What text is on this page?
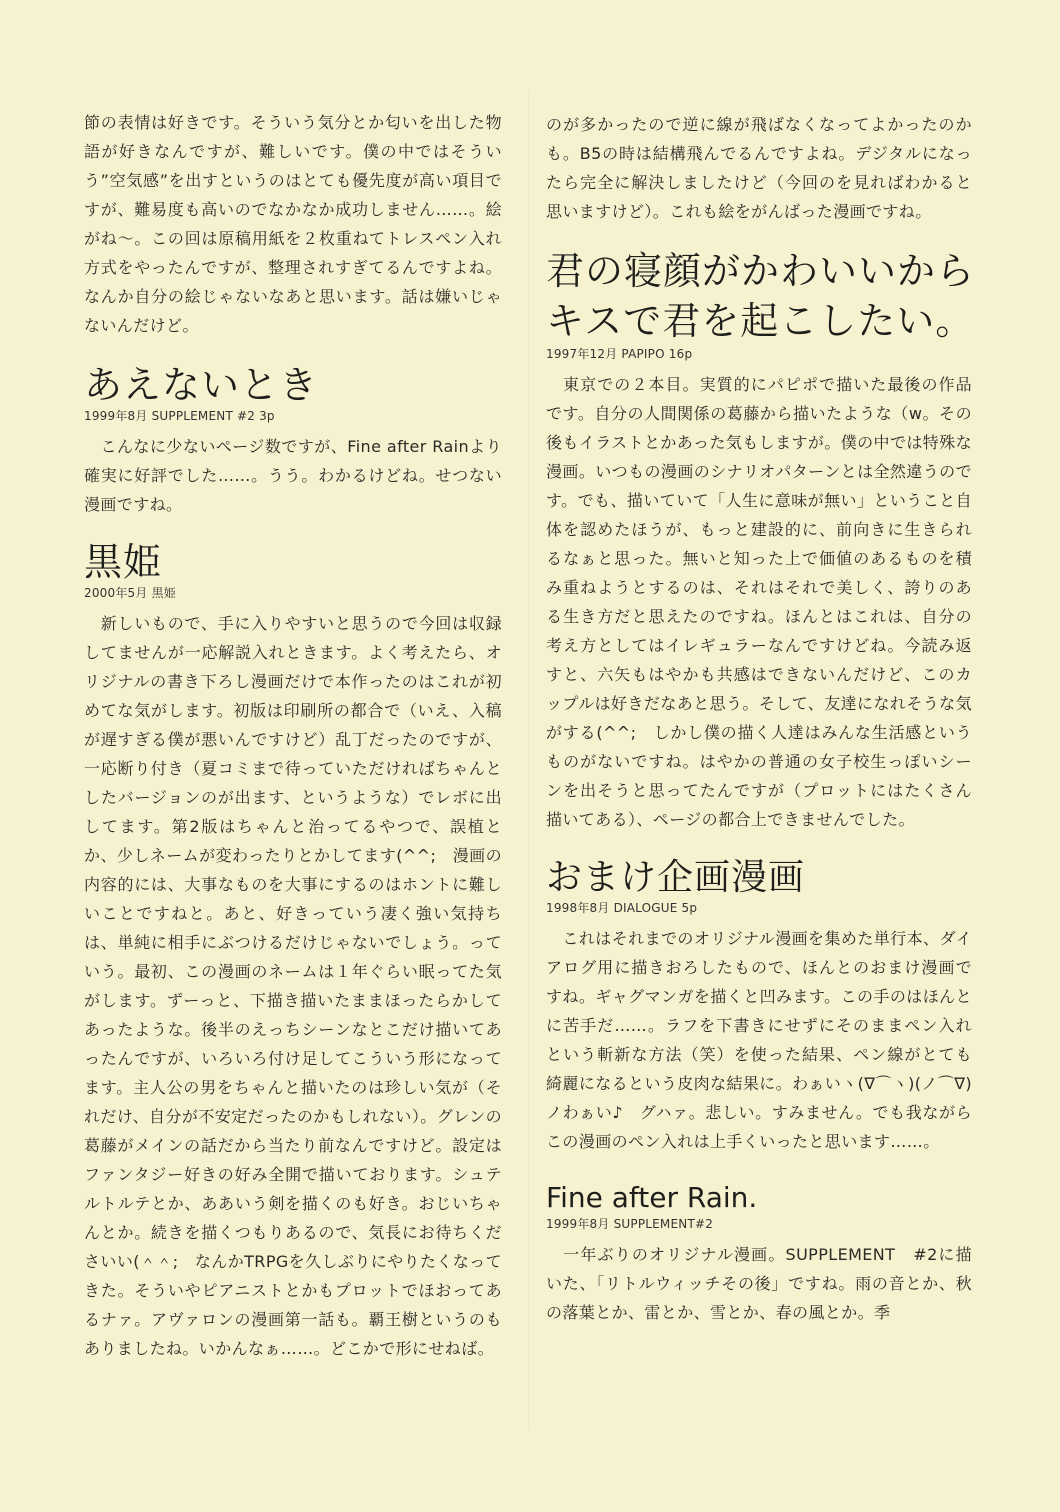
節の表情は好きです。そういう気分とか匂いを出した物語が好きなんですが、難しいです。僕の中ではそういう”空気感”を出すというのはとても優先度が高い項目ですが、難易度も高いのでなかなか成功しません……。絵がね〜。この回は原稿用紙を２枚重ねてトレスペン入れ方式をやったんですが、整理されすぎてるんですよね。なんか自分の絵じゃないなあと思います。話は嫌いじゃないんだけど。

あえないとき
1999年8月 SUPPLEMENT #2 3p

　こんなに少ないページ数ですが、Fine after Rainより確実に好評でした……。うう。わかるけどね。せつない漫画ですね。

黒姫
2000年5月 黒姫

　新しいもので、手に入りやすいと思うので今回は収録してませんが一応解説入れときます。よく考えたら、オリジナルの書き下ろし漫画だけで本作ったのはこれが初めてな気がします。初版は印刷所の都合で（いえ、入稿が遅すぎる僕が悪いんですけど）乱丁だったのですが、一応断り付き（夏コミまで待っていただければちゃんとしたバージョンのが出ます、というような）でレボに出してます。第2版はちゃんと治ってるやつで、誤植とか、少しネームが変わったりとかしてます(^^;　漫画の内容的には、大事なものを大事にするのはホントに難しいことですねと。あと、好きっていう凄く強い気持ちは、単純に相手にぶつけるだけじゃないでしょう。っていう。最初、この漫画のネームは１年ぐらい眠ってた気がします。ずーっと、下描き描いたままほったらかしてあったような。後半のえっちシーンなとこだけ描いてあったんですが、いろいろ付け足してこういう形になってます。主人公の男をちゃんと描いたのは珍しい気が（それだけ、自分が不安定だったのかもしれない）。グレンの葛藤がメインの話だから当たり前なんですけど。設定はファンタジー好きの好み全開で描いております。シュテルトルテとか、ああいう剣を描くのも好き。おじいちゃんとか。続きを描くつもりあるので、気長にお待ちくださいい(＾＾;　なんかTRPGを久しぶりにやりたくなってきた。そういやピアニストとかもプロットでほおってあるナァ。アヴァロンの漫画第一話も。覇王樹というのもありましたね。いかんなぁ……。どこかで形にせねば。

のが多かったので逆に線が飛ばなくなってよかったのかも。B5の時は結構飛んでるんですよね。デジタルになったら完全に解決しましたけど（今回のを見ればわかると思いますけど）。これも絵をがんばった漫画ですね。

君の寝顔がかわいいから
キスで君を起こしたい。
1997年12月 PAPIPO 16p

　東京での２本目。実質的にパピポで描いた最後の作品です。自分の人間関係の葛藤から描いたような（w。その後もイラストとかあった気もしますが。僕の中では特殊な漫画。いつもの漫画のシナリオパターンとは全然違うのです。でも、描いていて「人生に意味が無い」ということ自体を認めたほうが、もっと建設的に、前向きに生きられるなぁと思った。無いと知った上で価値のあるものを積み重ねようとするのは、それはそれで美しく、誇りのある生き方だと思えたのですね。ほんとはこれは、自分の考え方としてはイレギュラーなんですけどね。今読み返すと、六矢もはやかも共感はできないんだけど、このカップルは好きだなあと思う。そして、友達になれそうな気がする(^^;　しかし僕の描く人達はみんな生活感というものがないですね。はやかの普通の女子校生っぽいシーンを出そうと思ってたんですが（プロットにはたくさん描いてある）、ページの都合上できませんでした。

おまけ企画漫画
1998年8月 DIALOGUE 5p

　これはそれまでのオリジナル漫画を集めた単行本、ダイアログ用に描きおろしたもので、ほんとのおまけ漫画ですね。ギャグマンガを描くと凹みます。この手のはほんとに苦手だ……。ラフを下書きにせずにそのままペン入れという斬新な方法（笑）を使った結果、ペン線がとても綺麗になるという皮肉な結果に。わぁいヽ(∇⌒ヽ)(ノ⌒∇)ノわぁい♪　グハァ。悲しい。すみません。でも我ながらこの漫画のペン入れは上手くいったと思います……。

Fine after Rain.
1999年8月 SUPPLEMENT#2

　一年ぶりのオリジナル漫画。SUPPLEMENT　#2に描いた、「リトルウィッチその後」ですね。雨の音とか、秋の落葉とか、雷とか、雪とか、春の風とか。季
